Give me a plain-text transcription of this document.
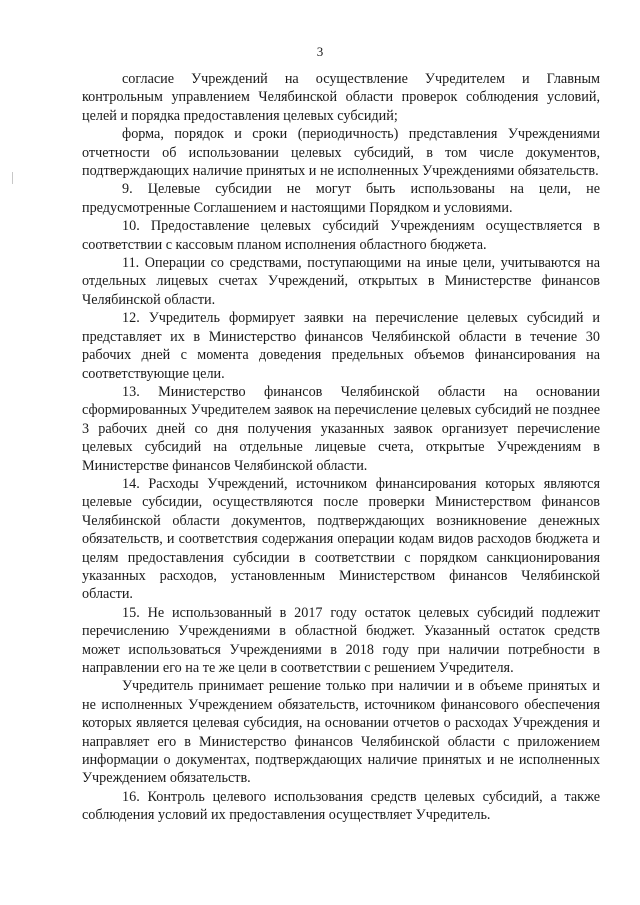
3

согласие Учреждений на осуществление Учредителем и Главным контрольным управлением Челябинской области проверок соблюдения условий, целей и порядка предоставления целевых субсидий;

форма, порядок и сроки (периодичность) представления Учреждениями отчетности об использовании целевых субсидий, в том числе документов, подтверждающих наличие принятых и не исполненных Учреждениями обязательств.

9. Целевые субсидии не могут быть использованы на цели, не предусмотренные Соглашением и настоящими Порядком и условиями.

10. Предоставление целевых субсидий Учреждениям осуществляется в соответствии с кассовым планом исполнения областного бюджета.

11. Операции со средствами, поступающими на иные цели, учитываются на отдельных лицевых счетах Учреждений, открытых в Министерстве финансов Челябинской области.

12. Учредитель формирует заявки на перечисление целевых субсидий и представляет их в Министерство финансов Челябинской области в течение 30 рабочих дней с момента доведения предельных объемов финансирования на соответствующие цели.

13. Министерство финансов Челябинской области на основании сформированных Учредителем заявок на перечисление целевых субсидий не позднее 3 рабочих дней со дня получения указанных заявок организует перечисление целевых субсидий на отдельные лицевые счета, открытые Учреждениям в Министерстве финансов Челябинской области.

14. Расходы Учреждений, источником финансирования которых являются целевые субсидии, осуществляются после проверки Министерством финансов Челябинской области документов, подтверждающих возникновение денежных обязательств, и соответствия содержания операции кодам видов расходов бюджета и целям предоставления субсидии в соответствии с порядком санкционирования указанных расходов, установленным Министерством финансов Челябинской области.

15. Не использованный в 2017 году остаток целевых субсидий подлежит перечислению Учреждениями в областной бюджет. Указанный остаток средств может использоваться Учреждениями в 2018 году при наличии потребности в направлении его на те же цели в соответствии с решением Учредителя.

Учредитель принимает решение только при наличии и в объеме принятых и не исполненных Учреждением обязательств, источником финансового обеспечения которых является целевая субсидия, на основании отчетов о расходах Учреждения и направляет его в Министерство финансов Челябинской области с приложением информации о документах, подтверждающих наличие принятых и не исполненных Учреждением обязательств.

16. Контроль целевого использования средств целевых субсидий, а также соблюдения условий их предоставления осуществляет Учредитель.
